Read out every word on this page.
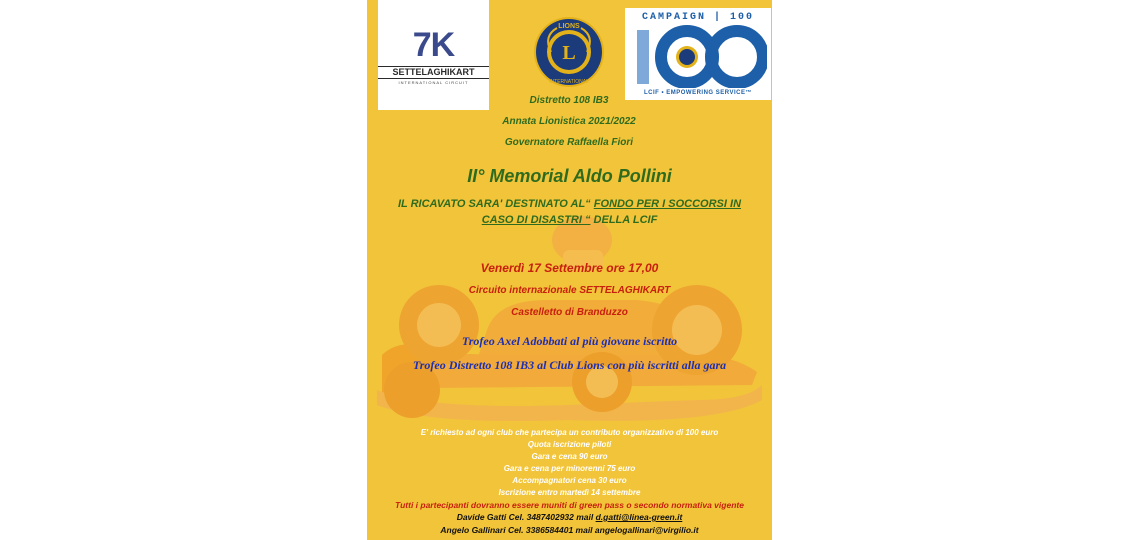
7K
SETTELAGHIKART
INTERNATIONAL CIRCUIT
LIONS
INTERNATIONAL
L
CAMPAIGN | 100
LCIF • EMPOWERING SERVICE™
Distretto 108 IB3
Annata Lionistica 2021/2022
Governatore Raffaella Fiori
II° Memorial Aldo Pollini
IL RICAVATO SARA' DESTINATO AL“ FONDO PER I SOCCORSI IN
CASO DI DISASTRI “ DELLA LCIF
Venerdì 17 Settembre ore 17,00
Circuito internazionale SETTELAGHIKART
Castelletto di Branduzzo
Trofeo Axel Adobbati al più giovane iscritto
Trofeo Distretto 108 IB3 al Club Lions con più iscritti alla gara
E' richiesto ad ogni club che partecipa un contributo organizzativo di 100 euro
Quota iscrizione piloti
Gara e cena 90 euro
Gara e cena per minorenni 75 euro
Accompagnatori cena 30 euro
Iscrizione entro martedì 14 settembre
Tutti i partecipanti dovranno essere muniti di green pass o secondo normativa vigente
Davide Gatti Cel. 3487402932 mail d.gatti@linea-green.it
Angelo Gallinari Cel. 3386584401 mail angelogallinari@virgilio.it
